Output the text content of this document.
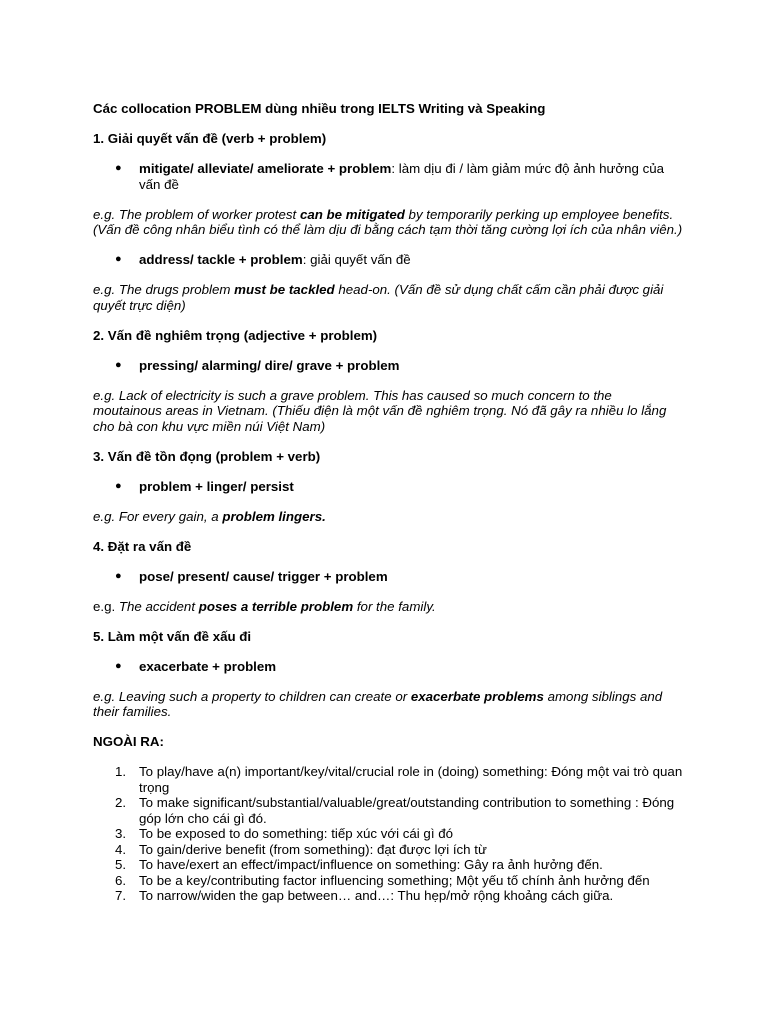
Các collocation PROBLEM dùng nhiều trong IELTS Writing và Speaking
1. Giải quyết vấn đề (verb + problem)
● mitigate/ alleviate/ ameliorate + problem: làm dịu đi / làm giảm mức độ ảnh hưởng của vấn đề
e.g. The problem of worker protest can be mitigated by temporarily perking up employee benefits. (Vấn đề công nhân biểu tình có thể làm dịu đi bằng cách tạm thời tăng cường lợi ích của nhân viên.)
● address/ tackle + problem: giải quyết vấn đề
e.g. The drugs problem must be tackled head-on. (Vấn đề sử dụng chất cấm cần phải được giải quyết trực diện)
2. Vấn đề nghiêm trọng (adjective + problem)
● pressing/ alarming/ dire/ grave + problem
e.g. Lack of electricity is such a grave problem. This has caused so much concern to the moutainous areas in Vietnam. (Thiếu điện là một vấn đề nghiêm trọng. Nó đã gây ra nhiều lo lắng cho bà con khu vực miền núi Việt Nam)
3. Vấn đề tồn đọng (problem + verb)
● problem + linger/ persist
e.g. For every gain, a problem lingers.
4. Đặt ra vấn đề
● pose/ present/ cause/ trigger + problem
e.g. The accident poses a terrible problem for the family.
5. Làm một vấn đề xấu đi
● exacerbate + problem
e.g. Leaving such a property to children can create or exacerbate problems among siblings and their families.
NGOÀI RA:
1. To play/have a(n) important/key/vital/crucial role in (doing) something: Đóng một vai trò quan trọng
2. To make significant/substantial/valuable/great/outstanding contribution to something : Đóng góp lớn cho cái gì đó.
3. To be exposed to do something: tiếp xúc với cái gì đó
4. To gain/derive benefit (from something): đạt được lợi ích từ
5. To have/exert an effect/impact/influence on something: Gây ra ảnh hưởng đến.
6. To be a key/contributing factor influencing something; Một yếu tố chính ảnh hưởng đến
7. To narrow/widen the gap between… and…: Thu hẹp/mở rộng khoảng cách giữa.
